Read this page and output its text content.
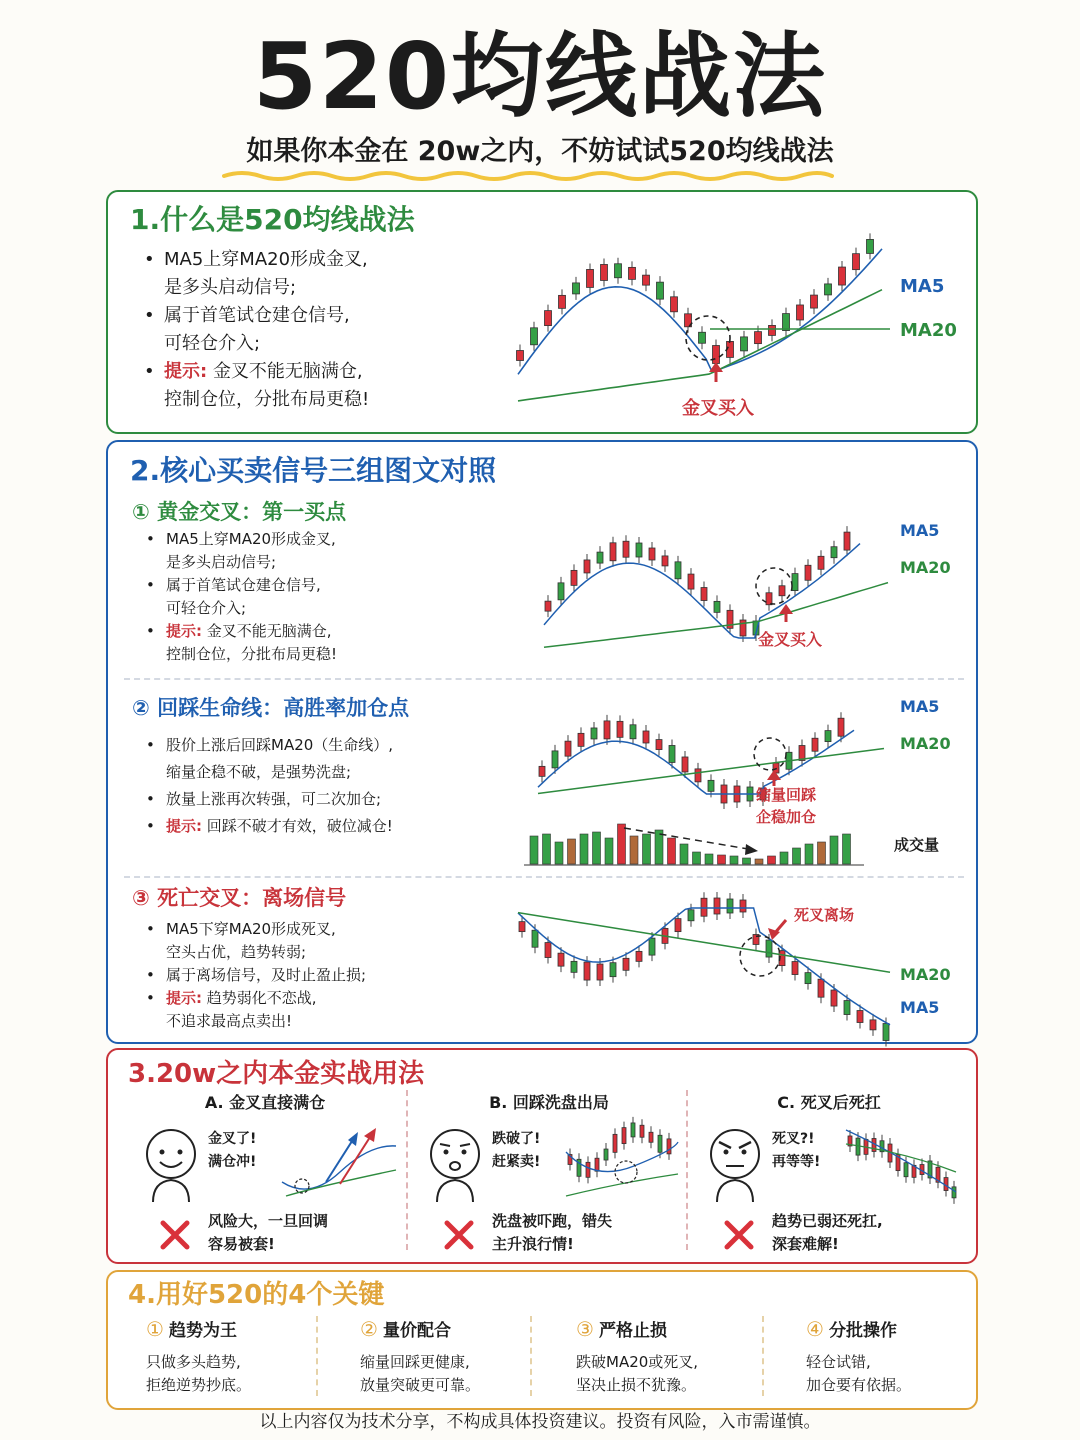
520均线战法
如果你本金在 20w之内，不妨试试520均线战法
1.什么是520均线战法
• MA5上穿MA20形成金叉,
是多头启动信号;
• 属于首笔试仓建仓信号,
可轻仓介入;
• 提示: 金叉不能无脑满仓,
控制仓位，分批布局更稳!
MA5
MA20
金叉买入
2.核心买卖信号三组图文对照
① 黄金交叉：第一买点
• MA5上穿MA20形成金叉,
是多头启动信号;
• 属于首笔试仓建仓信号,
可轻仓介入;
• 提示: 金叉不能无脑满仓,
控制仓位，分批布局更稳!
MA5
MA20
金叉买入
② 回踩生命线：高胜率加仓点
• 股价上涨后回踩MA20（生命线）,
缩量企稳不破，是强势洗盘;
• 放量上涨再次转强，可二次加仓;
• 提示: 回踩不破才有效，破位减仓!
MA5
MA20
缩量回踩
企稳加仓
成交量
③ 死亡交叉：离场信号
• MA5下穿MA20形成死叉,
空头占优，趋势转弱;
• 属于离场信号，及时止盈止损;
• 提示: 趋势弱化不恋战,
不追求最高点卖出!
MA20
MA5
死叉离场
3.20w之内本金实战用法
A. 金叉直接满仓
金叉了!
满仓冲!
风险大，一旦回调
容易被套!
B. 回踩洗盘出局
跌破了!
赶紧卖!
洗盘被吓跑，错失
主升浪行情!
C. 死叉后死扛
死叉?!
再等等!
趋势已弱还死扛,
深套难解!
4.用好520的4个关键
① 趋势为王
只做多头趋势,
拒绝逆势抄底。
② 量价配合
缩量回踩更健康,
放量突破更可靠。
③ 严格止损
跌破MA20或死叉,
坚决止损不犹豫。
④ 分批操作
轻仓试错,
加仓要有依据。
以上内容仅为技术分享，不构成具体投资建议。投资有风险，入市需谨慎。
